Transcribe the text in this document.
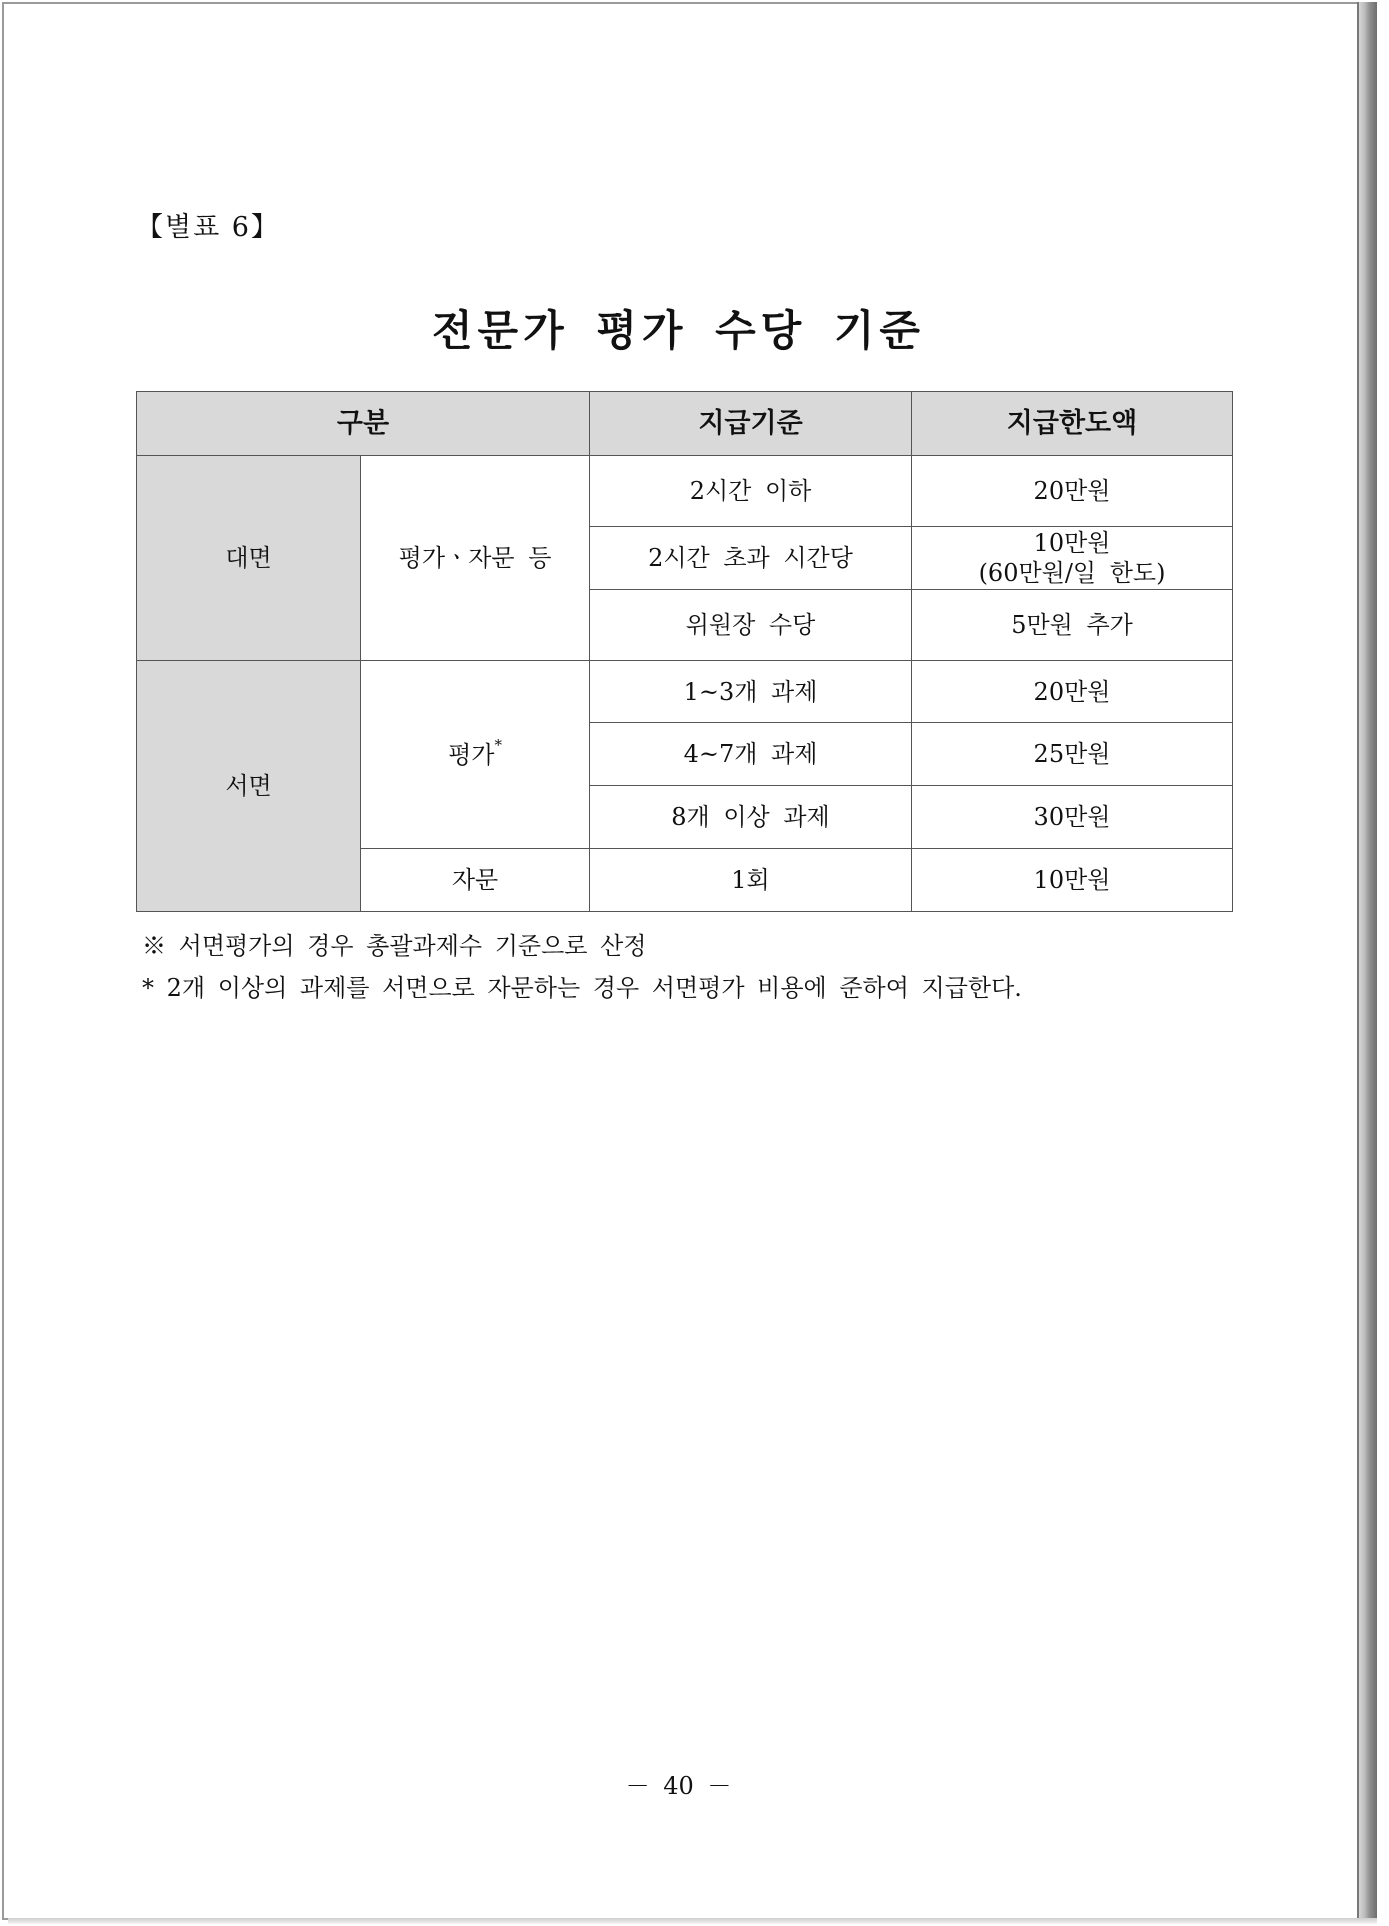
【별표 6】
전문가 평가 수당 기준
구분		지급기준	지급한도액
대면	평가ㆍ자문 등	2시간 이하	20만원
		2시간 초과 시간당	10만원
(60만원/일 한도)

		위원장 수당	5만원 추가
서면	평가*	1~3개 과제	20만원
		4~7개 과제	25만원
		8개 이상 과제	30만원
	자문	1회	10만원
※ 서면평가의 경우 총괄과제수 기준으로 산정
* 2개 이상의 과제를 서면으로 자문하는 경우 서면평가 비용에 준하여 지급한다.
－ 40 －
